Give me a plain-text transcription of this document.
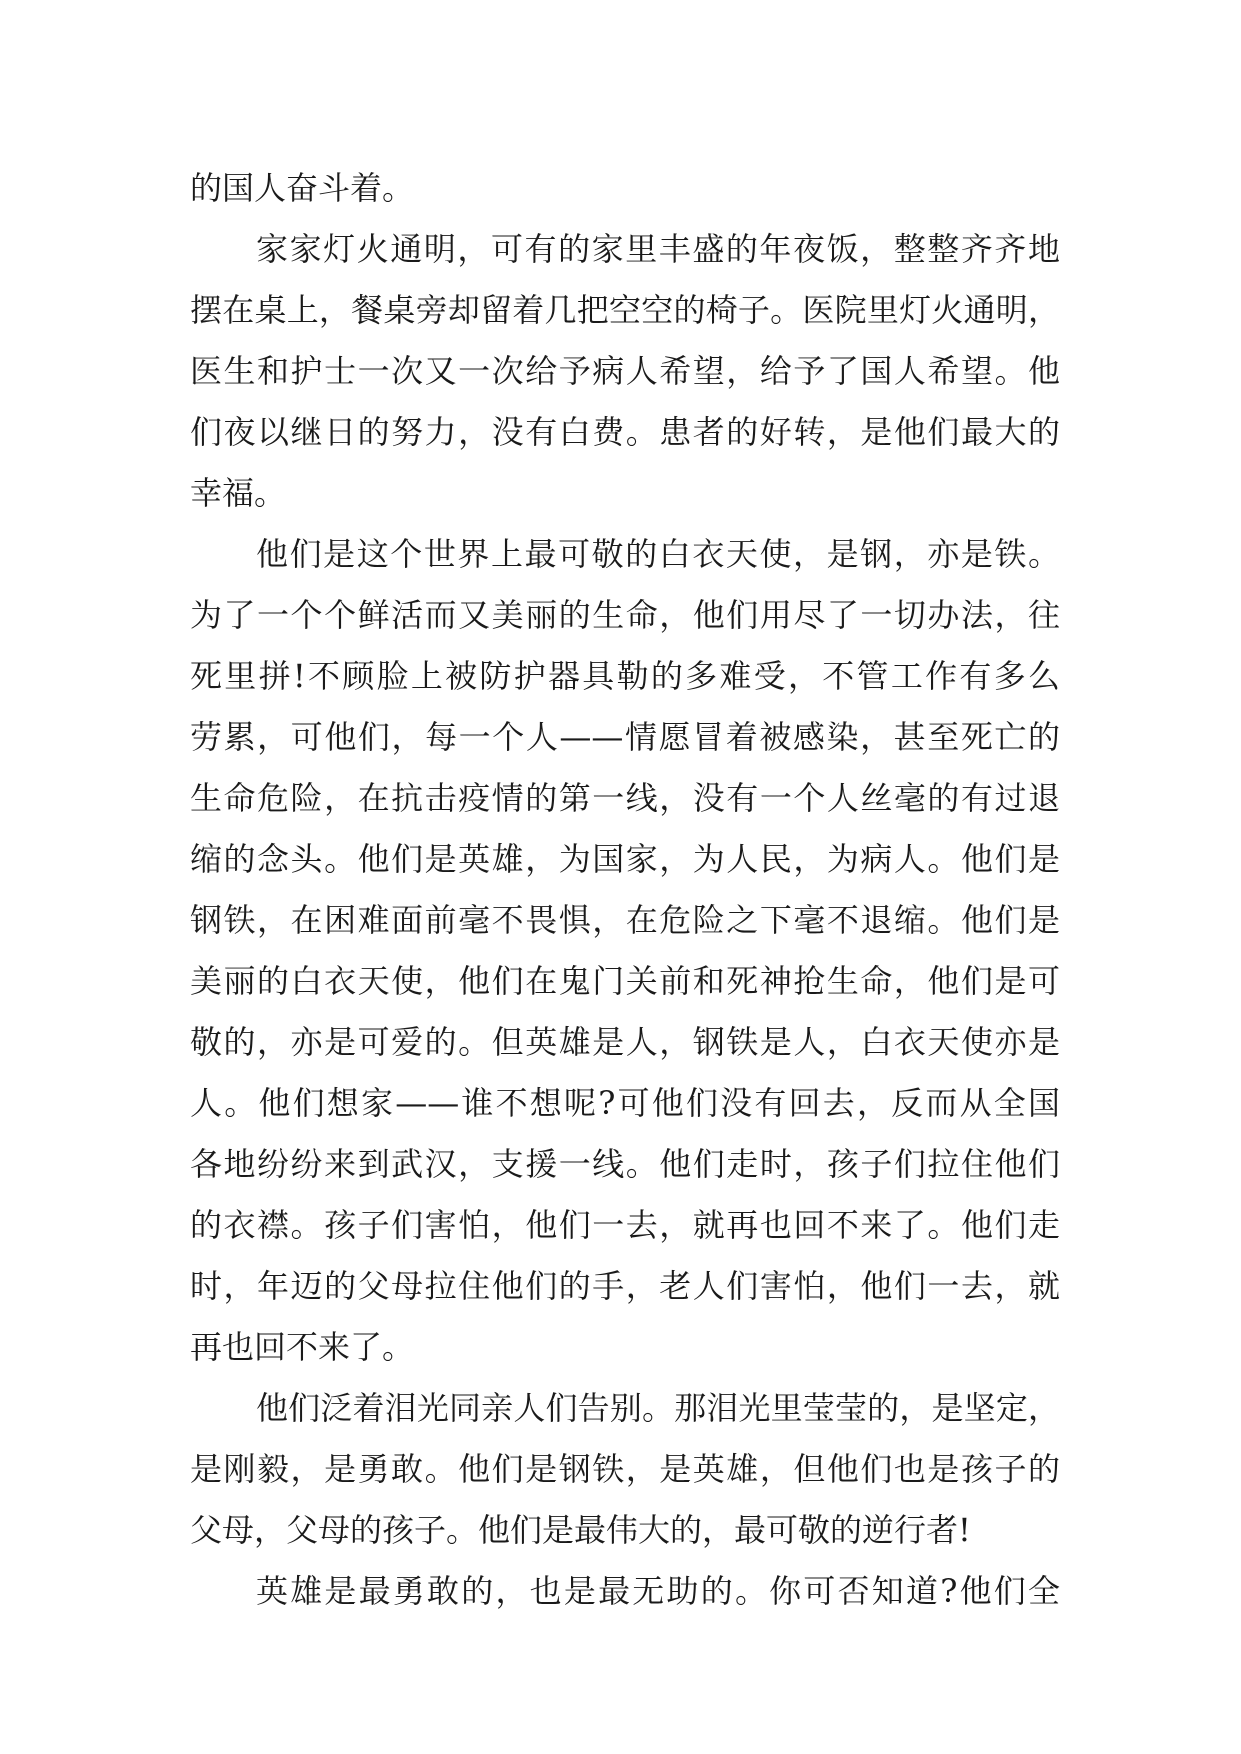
的国人奋斗着。
家家灯火通明，可有的家里丰盛的年夜饭，整整齐齐地
摆在桌上，餐桌旁却留着几把空空的椅子。医院里灯火通明，
医生和护士一次又一次给予病人希望，给予了国人希望。他
们夜以继日的努力，没有白费。患者的好转，是他们最大的
幸福。
他们是这个世界上最可敬的白衣天使，是钢，亦是铁。
为了一个个鲜活而又美丽的生命，他们用尽了一切办法，往
死里拼!不顾脸上被防护器具勒的多难受，不管工作有多么
劳累，可他们，每一个人——情愿冒着被感染，甚至死亡的
生命危险，在抗击疫情的第一线，没有一个人丝毫的有过退
缩的念头。他们是英雄，为国家，为人民，为病人。他们是
钢铁，在困难面前毫不畏惧，在危险之下毫不退缩。他们是
美丽的白衣天使，他们在鬼门关前和死神抢生命，他们是可
敬的，亦是可爱的。但英雄是人，钢铁是人，白衣天使亦是
人。他们想家——谁不想呢?可他们没有回去，反而从全国
各地纷纷来到武汉，支援一线。他们走时，孩子们拉住他们
的衣襟。孩子们害怕，他们一去，就再也回不来了。他们走
时，年迈的父母拉住他们的手，老人们害怕，他们一去，就
再也回不来了。
他们泛着泪光同亲人们告别。那泪光里莹莹的，是坚定，
是刚毅，是勇敢。他们是钢铁，是英雄，但他们也是孩子的
父母，父母的孩子。他们是最伟大的，最可敬的逆行者!
英雄是最勇敢的，也是最无助的。你可否知道?他们全
